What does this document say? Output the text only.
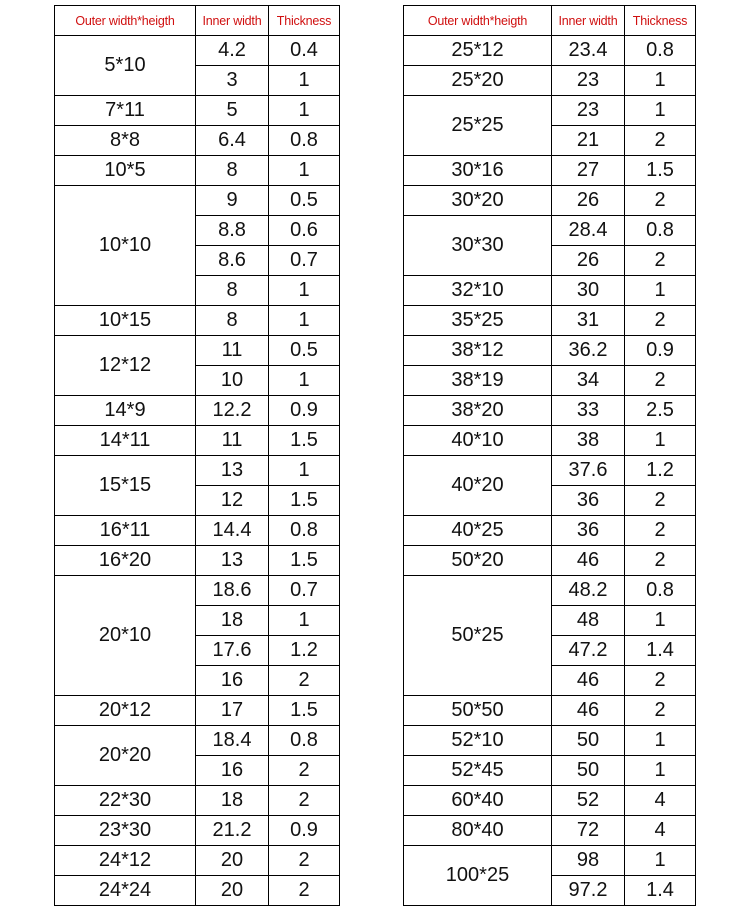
Outer width*heigth	Inner width	Thickness
5*10	4.2	0.4
	3	1
7*11	5	1
8*8	6.4	0.8
10*5	8	1
10*10	9	0.5
	8.8	0.6
	8.6	0.7
	8	1
10*15	8	1
12*12	11	0.5
	10	1
14*9	12.2	0.9
14*11	11	1.5
15*15	13	1
	12	1.5
16*11	14.4	0.8
16*20	13	1.5
20*10	18.6	0.7
	18	1
	17.6	1.2
	16	2
20*12	17	1.5
20*20	18.4	0.8
	16	2
22*30	18	2
23*30	21.2	0.9
24*12	20	2
24*24	20	2
Outer width*heigth	Inner width	Thickness
25*12	23.4	0.8
25*20	23	1
25*25	23	1
	21	2
30*16	27	1.5
30*20	26	2
30*30	28.4	0.8
	26	2
32*10	30	1
35*25	31	2
38*12	36.2	0.9
38*19	34	2
38*20	33	2.5
40*10	38	1
40*20	37.6	1.2
	36	2
40*25	36	2
50*20	46	2
50*25	48.2	0.8
	48	1
	47.2	1.4
	46	2
50*50	46	2
52*10	50	1
52*45	50	1
60*40	52	4
80*40	72	4
100*25	98	1
	97.2	1.4
